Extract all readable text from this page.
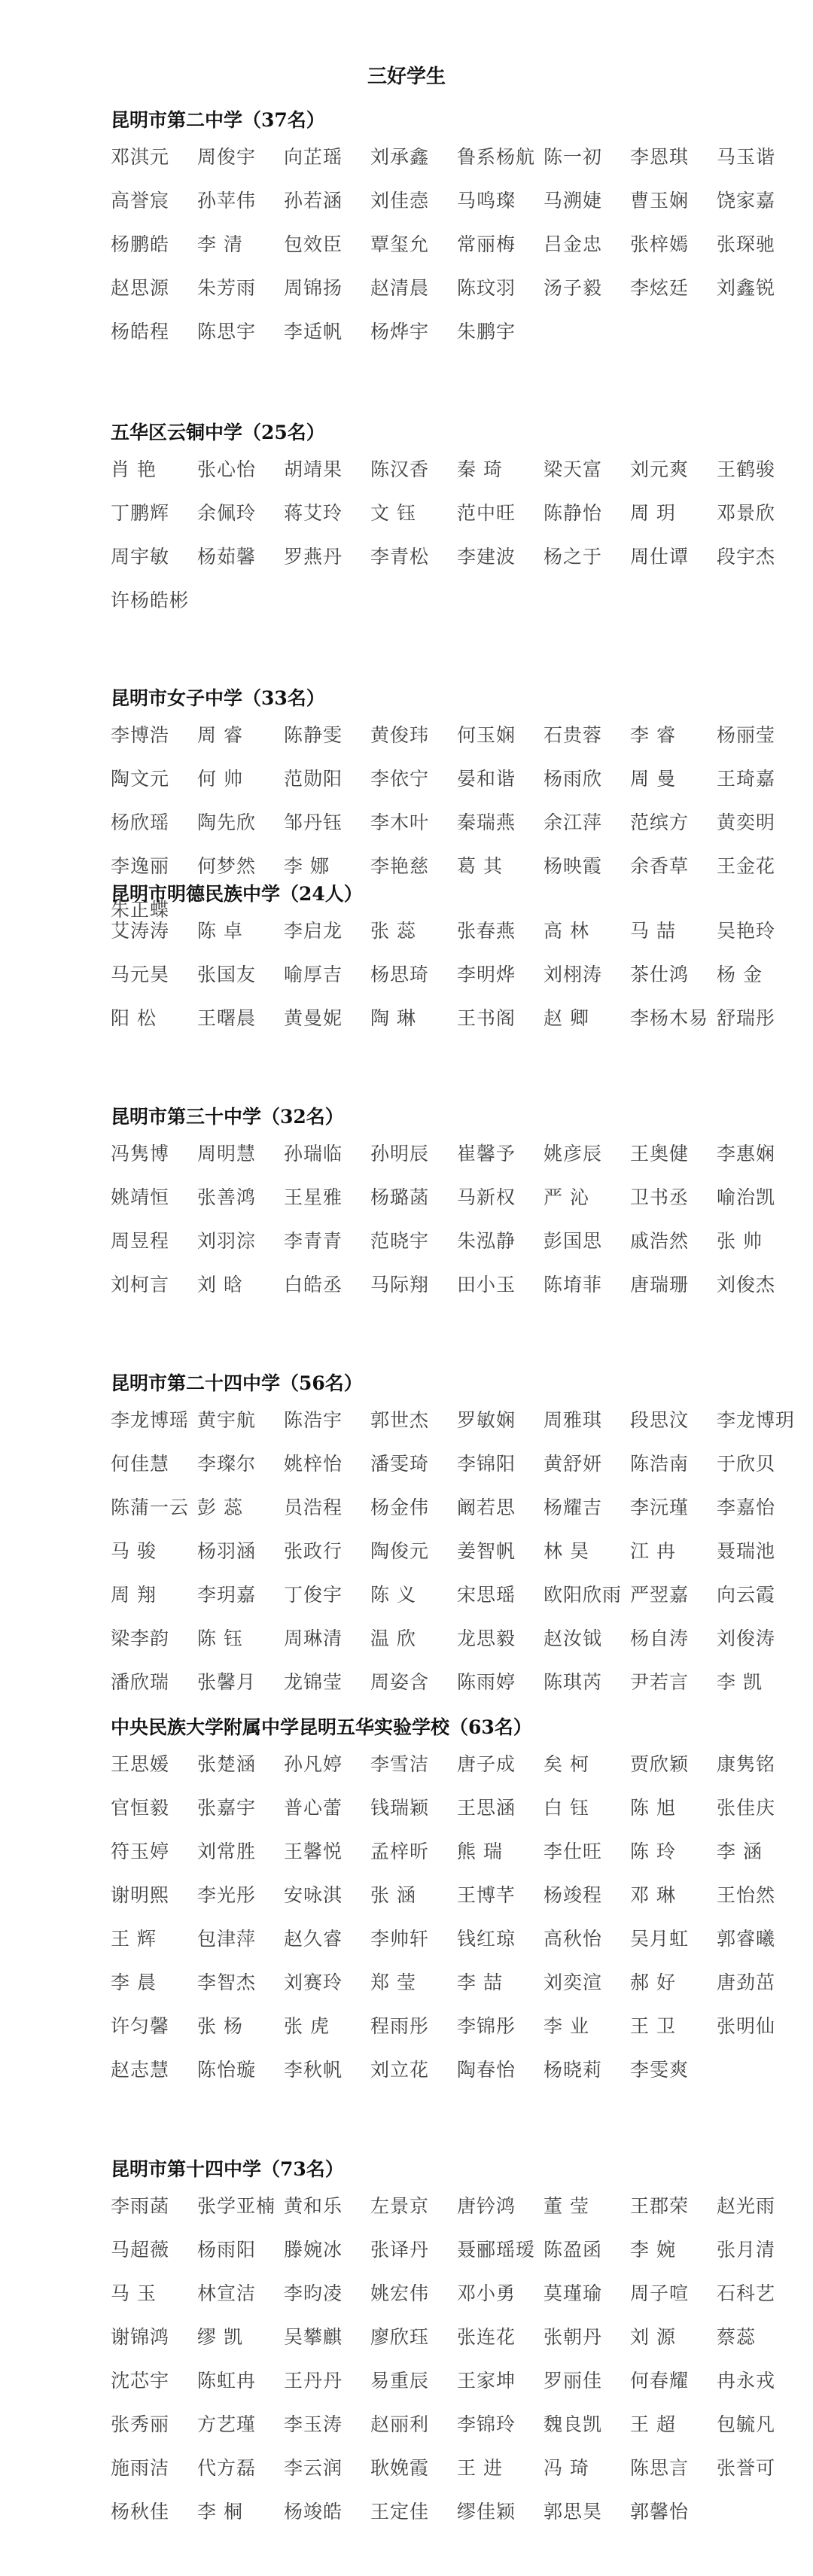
三好学生
昆明市第二中学（37名）
邓淇元	周俊宇	向芷瑶	刘承鑫	鲁系杨航 陈一初	李恩琪	马玉谐
高誉宸	孙苹伟	孙若涵	刘佳悫	马鸣璨	马溯婕	曹玉娴	饶家嘉
杨鹏皓	李 清	包效臣	覃玺允	常丽梅	吕金忠	张梓嫣	张琛驰
赵思源	朱芳雨	周锦扬	赵清晨	陈玟羽	汤子毅	李炫廷	刘鑫锐
杨皓程	陈思宇	李适帆	杨烨宇	朱鹏宇
五华区云铜中学（25名）
肖 艳	张心怡	胡靖果	陈汉香	秦 琦	梁天富	刘元爽	王鹤骏
丁鹏辉	余佩玲	蒋艾玲	文 钰	范中旺	陈静怡	周 玥	邓景欣
周宇敏	杨茹馨	罗燕丹	李青松	李建波	杨之于	周仕谭	段宇杰
许杨皓彬
昆明市女子中学（33名）
李博浩	周 睿	陈静雯	黄俊玮	何玉娴	石贵蓉	李 睿	杨丽莹
陶文元	何 帅	范勋阳	李依宁	晏和谐	杨雨欣	周 曼	王琦嘉
杨欣瑶	陶先欣	邹丹钰	李木叶	秦瑞燕	余江萍	范缤方	黄奕明
李逸丽	何梦然	李 娜	李艳慈	葛 其	杨映霞	余香草	王金花
朱正蝶
昆明市明德民族中学（24人）
艾涛涛	陈 卓	李启龙	张 蕊	张春燕	高 林	马 喆	吴艳玲
马元昊	张国友	喻厚吉	杨思琦	李明烨	刘栩涛	茶仕鸿	杨 金
阳 松	王曙晨	黄曼妮	陶 琳	王书阁	赵 卿	李杨木易 舒瑞彤
昆明市第三十中学（32名）
冯隽博	周明慧	孙瑞临	孙明辰	崔馨予	姚彦辰	王奥健	李惠娴
姚靖恒	张善鸿	王星雅	杨璐菡	马新权	严 沁	卫书丞	喻治凯
周昱程	刘羽淙	李青青	范晓宇	朱泓静	彭国思	戚浩然	张 帅
刘柯言	刘 晗	白皓丞	马际翔	田小玉	陈堉菲	唐瑞珊	刘俊杰
昆明市第二十四中学（56名）
李龙博瑶 黄宇航	陈浩宇	郭世杰	罗敏娴	周雅琪	段思汶	李龙博玥
何佳慧	李璨尔	姚梓怡	潘雯琦	李锦阳	黄舒妍	陈浩南	于欣贝
陈蒲一云 彭 蕊	员浩程	杨金伟	阚若思	杨耀吉	李沅瑾	李嘉怡
马 骏	杨羽涵	张政行	陶俊元	姜智帆	林 昊	江 冉	聂瑞池
周 翔	李玥嘉	丁俊宇	陈 义	宋思瑶	欧阳欣雨 严翌嘉	向云霞
梁李韵	陈 钰	周琳清	温 欣	龙思毅	赵汝钺	杨自涛	刘俊涛
潘欣瑞	张馨月	龙锦莹	周姿含	陈雨婷	陈琪芮	尹若言	李 凯
中央民族大学附属中学昆明五华实验学校（63名）
王思媛	张楚涵	孙凡婷	李雪洁	唐子成	矣 柯	贾欣颖	康隽铭
官恒毅	张嘉宇	普心蕾	钱瑞颖	王思涵	白 钰	陈 旭	张佳庆
符玉婷	刘常胜	王馨悦	孟梓昕	熊 瑞	李仕旺	陈 玲	李 涵
谢明熙	李光彤	安咏淇	张 涵	王博芊	杨竣程	邓 琳	王怡然
王 辉	包津萍	赵久睿	李帅轩	钱红琼	高秋怡	吴月虹	郭睿曦
李 晨	李智杰	刘赛玲	郑 莹	李 喆	刘奕渲	郝 好	唐劲茁
许匀馨	张 杨	张 虎	程雨彤	李锦彤	李 业	王 卫	张明仙
赵志慧	陈怡璇	李秋帆	刘立花	陶春怡	杨晓莉	李雯爽
昆明市第十四中学（73名）
李雨菡	张学亚楠 黄和乐	左景京	唐钤鸿	董 莹	王郡荣	赵光雨
马超薇	杨雨阳	滕婉冰	张译丹	聂郦瑶瑷 陈盈函	李 婉	张月清
马 玉	林宣洁	李昀凌	姚宏伟	邓小勇	莫瑾瑜	周子喧	石科艺
谢锦鸿	缪 凯	吴攀麒	廖欣珏	张连花	张朝丹	刘 源	蔡蕊
沈芯宇	陈虹冉	王丹丹	易重辰	王家坤	罗丽佳	何春耀	冉永戎
张秀丽	方艺瑾	李玉涛	赵丽利	李锦玲	魏良凯	王 超	包毓凡
施雨洁	代方磊	李云润	耿娩霞	王 进	冯 琦	陈思言	张誉可
杨秋佳	李 桐	杨竣皓	王定佳	缪佳颖	郭思昊	郭馨怡
